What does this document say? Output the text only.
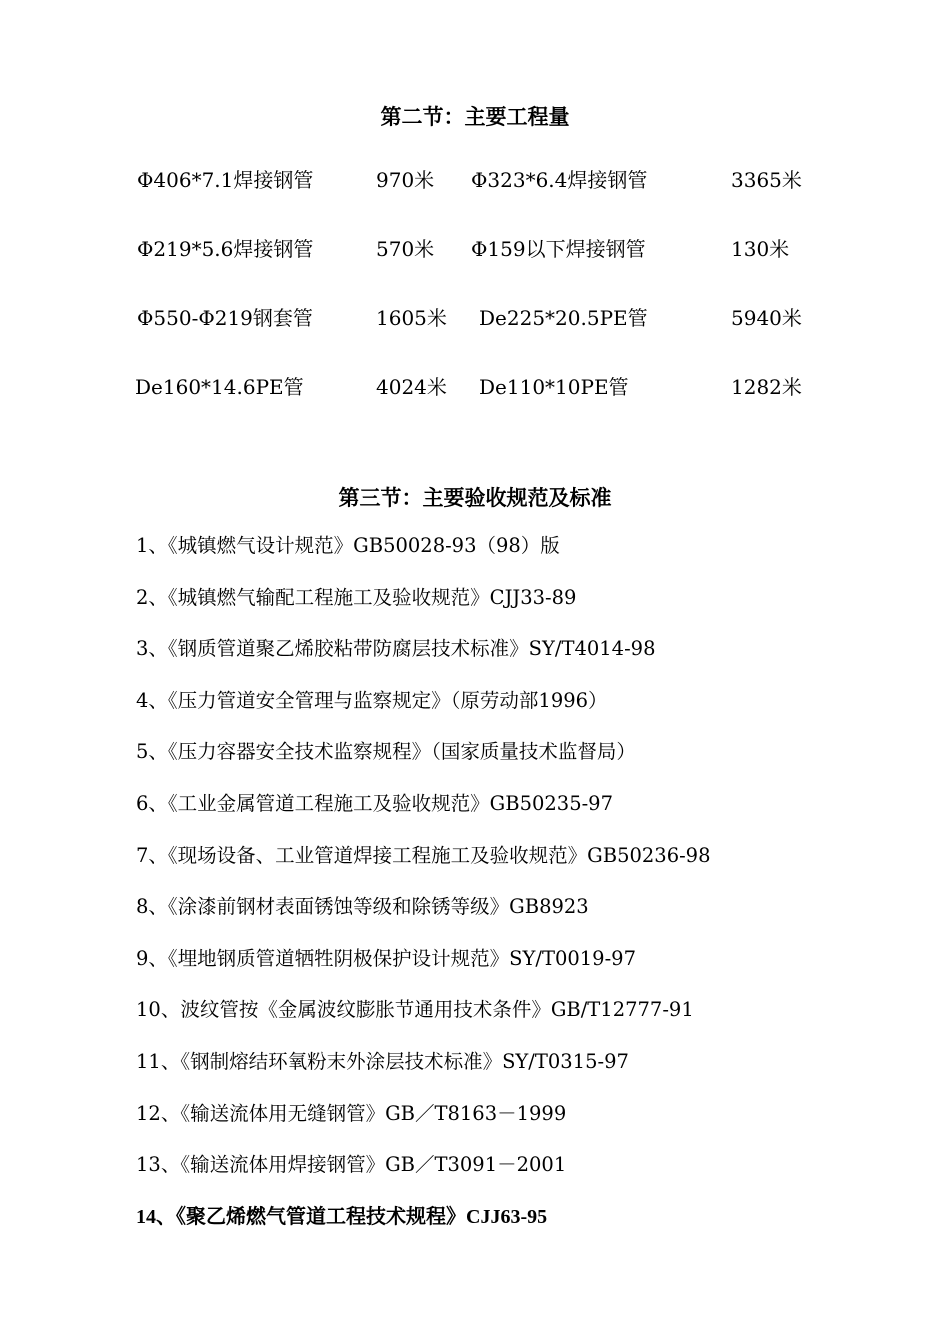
第二节：主要工程量
Φ406*7.1焊接钢管	970米 Φ323*6.4焊接钢管	3365米
Φ219*5.6焊接钢管	570米 Φ159以下焊接钢管	130米
Φ550-Φ219钢套管	1605米 De225*20.5PE管	5940米
De160*14.6PE管	4024米 De110*10PE管	1282米
第三节：主要验收规范及标准
1、《城镇燃气设计规范》GB50028-93（98）版
2、《城镇燃气输配工程施工及验收规范》CJJ33-89
3、《钢质管道聚乙烯胶粘带防腐层技术标准》SY/T4014-98
4、《压力管道安全管理与监察规定》（原劳动部1996）
5、《压力容器安全技术监察规程》（国家质量技术监督局）
6、《工业金属管道工程施工及验收规范》GB50235-97
7、《现场设备、工业管道焊接工程施工及验收规范》GB50236-98
8、《涂漆前钢材表面锈蚀等级和除锈等级》GB8923
9、《埋地钢质管道牺牲阴极保护设计规范》SY/T0019-97
10、波纹管按《金属波纹膨胀节通用技术条件》GB/T12777-91
11、《钢制熔结环氧粉末外涂层技术标准》SY/T0315-97
12、《输送流体用无缝钢管》GB／T8163－1999
13、《输送流体用焊接钢管》GB／T3091－2001
14、《聚乙烯燃气管道工程技术规程》CJJ63-95
